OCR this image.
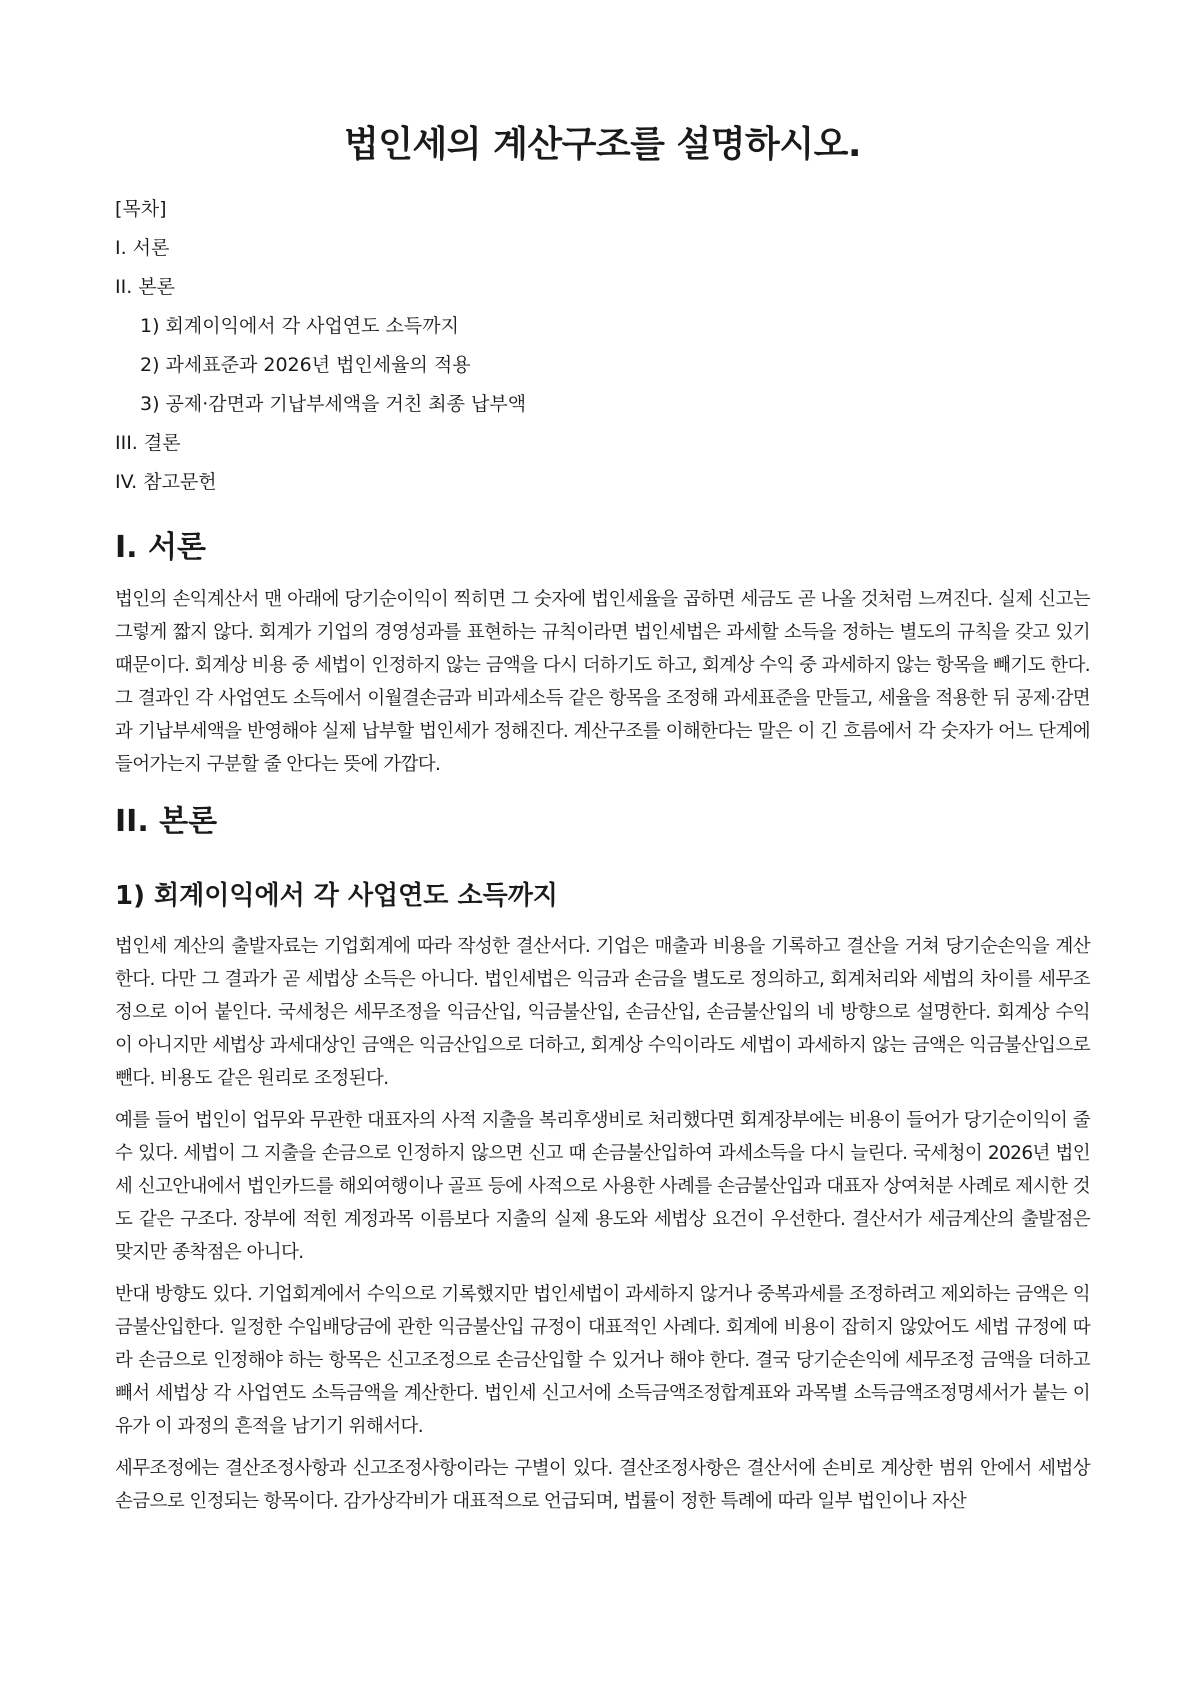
법인세의 계산구조를 설명하시오.
[목차]
I. 서론
II. 본론
1) 회계이익에서 각 사업연도 소득까지
2) 과세표준과 2026년 법인세율의 적용
3) 공제·감면과 기납부세액을 거친 최종 납부액
III. 결론
IV. 참고문헌
I. 서론

법인의 손익계산서 맨 아래에 당기순이익이 찍히면 그 숫자에 법인세율을 곱하면 세금도 곧 나올 것처럼 느껴진다. 실제 신고는 그렇게 짧지 않다. 회계가 기업의 경영성과를 표현하는 규칙이라면 법인세법은 과세할 소득을 정하는 별도의 규칙을 갖고 있기 때문이다. 회계상 비용 중 세법이 인정하지 않는 금액을 다시 더하기도 하고, 회계상 수익 중 과세하지 않는 항목을 빼기도 한다. 그 결과인 각 사업연도 소득에서 이월결손금과 비과세소득 같은 항목을 조정해 과세표준을 만들고, 세율을 적용한 뒤 공제·감면과 기납부세액을 반영해야 실제 납부할 법인세가 정해진다. 계산구조를 이해한다는 말은 이 긴 흐름에서 각 숫자가 어느 단계에 들어가는지 구분할 줄 안다는 뜻에 가깝다.

II. 본론
1) 회계이익에서 각 사업연도 소득까지

법인세 계산의 출발자료는 기업회계에 따라 작성한 결산서다. 기업은 매출과 비용을 기록하고 결산을 거쳐 당기순손익을 계산한다. 다만 그 결과가 곧 세법상 소득은 아니다. 법인세법은 익금과 손금을 별도로 정의하고, 회계처리와 세법의 차이를 세무조정으로 이어 붙인다. 국세청은 세무조정을 익금산입, 익금불산입, 손금산입, 손금불산입의 네 방향으로 설명한다. 회계상 수익이 아니지만 세법상 과세대상인 금액은 익금산입으로 더하고, 회계상 수익이라도 세법이 과세하지 않는 금액은 익금불산입으로 뺀다. 비용도 같은 원리로 조정된다.

예를 들어 법인이 업무와 무관한 대표자의 사적 지출을 복리후생비로 처리했다면 회계장부에는 비용이 들어가 당기순이익이 줄 수 있다. 세법이 그 지출을 손금으로 인정하지 않으면 신고 때 손금불산입하여 과세소득을 다시 늘린다. 국세청이 2026년 법인세 신고안내에서 법인카드를 해외여행이나 골프 등에 사적으로 사용한 사례를 손금불산입과 대표자 상여처분 사례로 제시한 것도 같은 구조다. 장부에 적힌 계정과목 이름보다 지출의 실제 용도와 세법상 요건이 우선한다. 결산서가 세금계산의 출발점은 맞지만 종착점은 아니다.

반대 방향도 있다. 기업회계에서 수익으로 기록했지만 법인세법이 과세하지 않거나 중복과세를 조정하려고 제외하는 금액은 익금불산입한다. 일정한 수입배당금에 관한 익금불산입 규정이 대표적인 사례다. 회계에 비용이 잡히지 않았어도 세법 규정에 따라 손금으로 인정해야 하는 항목은 신고조정으로 손금산입할 수 있거나 해야 한다. 결국 당기순손익에 세무조정 금액을 더하고 빼서 세법상 각 사업연도 소득금액을 계산한다. 법인세 신고서에 소득금액조정합계표와 과목별 소득금액조정명세서가 붙는 이유가 이 과정의 흔적을 남기기 위해서다.

세무조정에는 결산조정사항과 신고조정사항이라는 구별이 있다. 결산조정사항은 결산서에 손비로 계상한 범위 안에서 세법상 손금으로 인정되는 항목이다. 감가상각비가 대표적으로 언급되며, 법률이 정한 특례에 따라 일부 법인이나 자산
